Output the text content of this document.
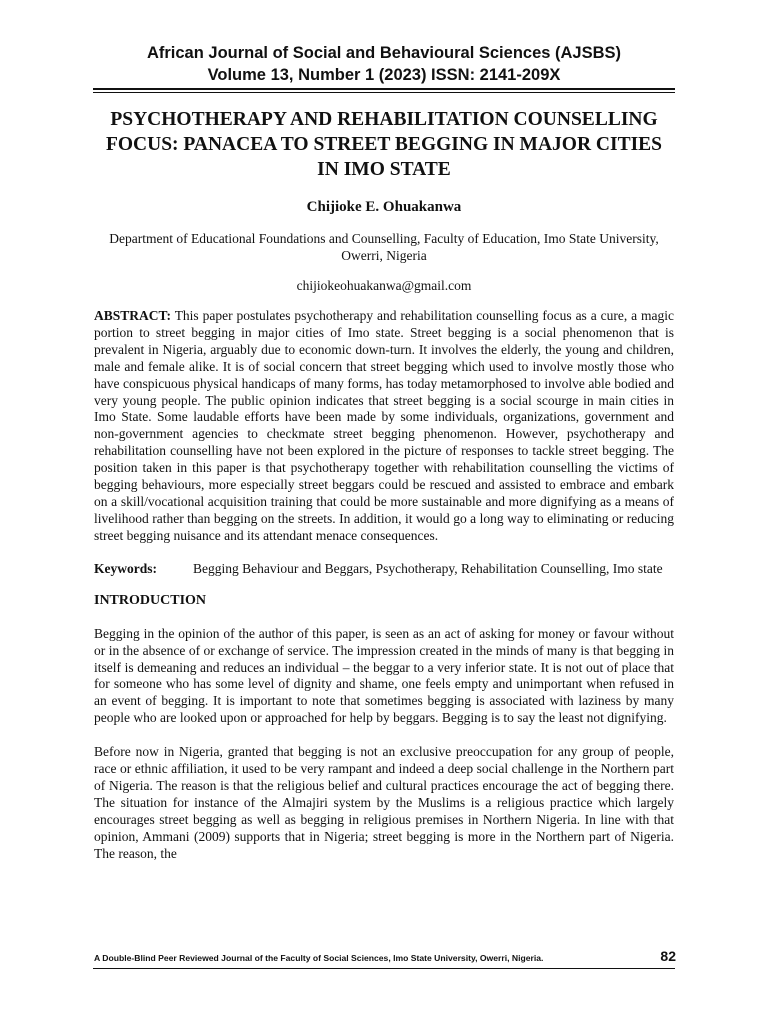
African Journal of Social and Behavioural Sciences (AJSBS)
Volume 13, Number 1 (2023) ISSN: 2141-209X
PSYCHOTHERAPY AND REHABILITATION COUNSELLING FOCUS: PANACEA TO STREET BEGGING IN MAJOR CITIES IN IMO STATE
Chijioke E. Ohuakanwa
Department of Educational Foundations and Counselling, Faculty of Education, Imo State University, Owerri, Nigeria
chijiokeohuakanwa@gmail.com
ABSTRACT: This paper postulates psychotherapy and rehabilitation counselling focus as a cure, a magic portion to street begging in major cities of Imo state. Street begging is a social phenomenon that is prevalent in Nigeria, arguably due to economic down-turn. It involves the elderly, the young and children, male and female alike. It is of social concern that street begging which used to involve mostly those who have conspicuous physical handicaps of many forms, has today metamorphosed to involve able bodied and very young people. The public opinion indicates that street begging is a social scourge in main cities in Imo State. Some laudable efforts have been made by some individuals, organizations, government and non-government agencies to checkmate street begging phenomenon. However, psychotherapy and rehabilitation counselling have not been explored in the picture of responses to tackle street begging. The position taken in this paper is that psychotherapy together with rehabilitation counselling the victims of begging behaviours, more especially street beggars could be rescued and assisted to embrace and embark on a skill/vocational acquisition training that could be more sustainable and more dignifying as a means of livelihood rather than begging on the streets. In addition, it would go a long way to eliminating or reducing street begging nuisance and its attendant menace consequences.
Keywords:	Begging Behaviour and Beggars, Psychotherapy, Rehabilitation Counselling, Imo state
INTRODUCTION
Begging in the opinion of the author of this paper, is seen as an act of asking for money or favour without or in the absence of or exchange of service. The impression created in the minds of many is that begging in itself is demeaning and reduces an individual – the beggar to a very inferior state. It is not out of place that for someone who has some level of dignity and shame, one feels empty and unimportant when refused in an event of begging. It is important to note that sometimes begging is associated with laziness by many people who are looked upon or approached for help by beggars. Begging is to say the least not dignifying.
Before now in Nigeria, granted that begging is not an exclusive preoccupation for any group of people, race or ethnic affiliation, it used to be very rampant and indeed a deep social challenge in the Northern part of Nigeria. The reason is that the religious belief and cultural practices encourage the act of begging there. The situation for instance of the Almajiri system by the Muslims is a religious practice which largely encourages street begging as well as begging in religious premises in Northern Nigeria. In line with that opinion, Ammani (2009) supports that in Nigeria; street begging is more in the Northern part of Nigeria. The reason, the
A Double-Blind Peer Reviewed Journal of the Faculty of Social Sciences, Imo State University, Owerri, Nigeria.	82
